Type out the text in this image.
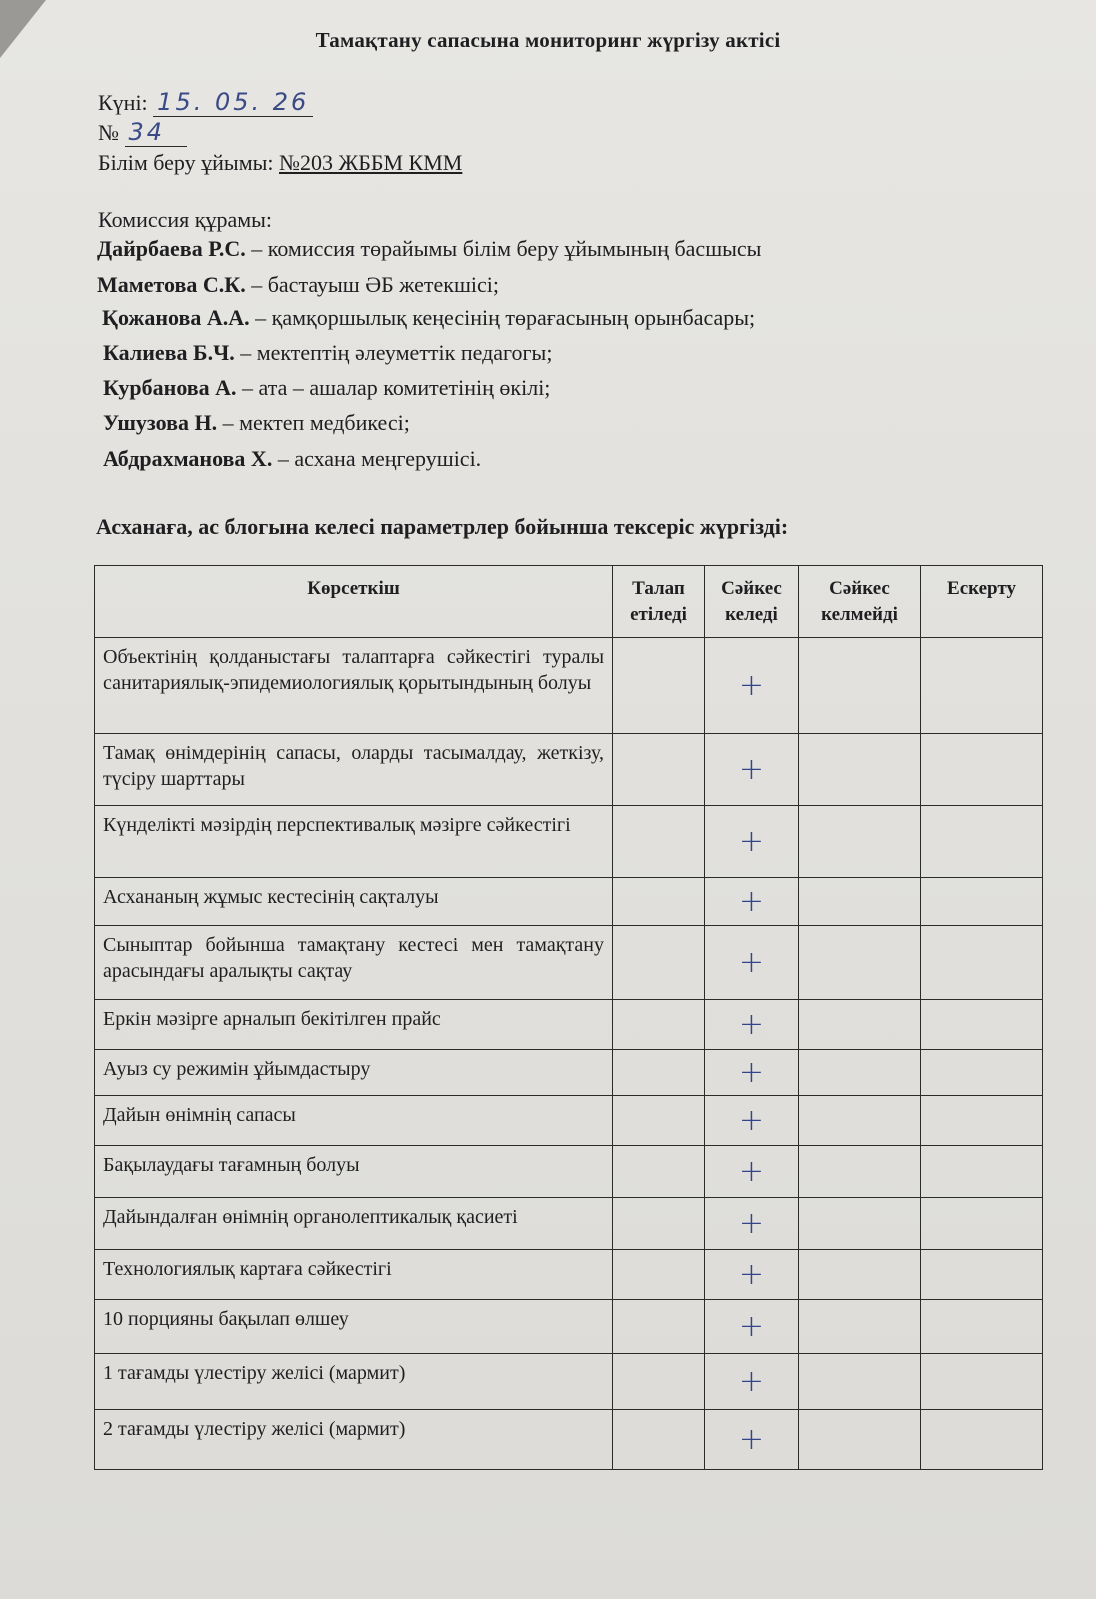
Тамақтану сапасына мониторинг жүргізу актісі
Күні: 15. 05. 26
№ 34
Білім беру ұйымы: №203 ЖББМ КММ
Комиссия құрамы:
Дайрбаева Р.С. – комиссия төрайымы білім беру ұйымының басшысы
Маметова С.К. – бастауыш ӘБ жетекшісі;
Қожанова А.А. – қамқоршылық кеңесінің төрағасының орынбасары;
Калиева Б.Ч. – мектептің әлеуметтік педагогы;
Курбанова А. – ата – ашалар комитетінің өкілі;
Ушузова Н. – мектеп медбикесі;
Абдрахманова Х. – асхана меңгерушісі.
Асханаға, ас блогына келесі параметрлер бойынша тексеріс жүргізді:
Көрсеткіш	Талап етіледі	Сәйкес келеді	Сәйкес келмейді	Ескерту
Объектінің қолданыстағы талаптарға сәйкестігі туралы санитариялық-эпидемиологиялық қорытындының болуы		+		
Тамақ өнімдерінің сапасы, оларды тасымалдау, жеткізу, түсіру шарттары		+		
Күнделікті мәзірдің перспективалық мәзірге сәйкестігі		+		
Асхананың жұмыс кестесінің сақталуы		+		
Сыныптар бойынша тамақтану кестесі мен тамақтану арасындағы аралықты сақтау		+		
Еркін мәзірге арналып бекітілген прайс		+		
Ауыз су режимін ұйымдастыру		+		
Дайын өнімнің сапасы		+		
Бақылаудағы тағамның болуы		+		
Дайындалған өнімнің органолептикалық қасиеті		+		
Технологиялық картаға сәйкестігі		+		
10 порцияны бақылап өлшеу		+		
1 тағамды үлестіру желісі (мармит)		+		
2 тағамды үлестіру желісі (мармит)		+		
